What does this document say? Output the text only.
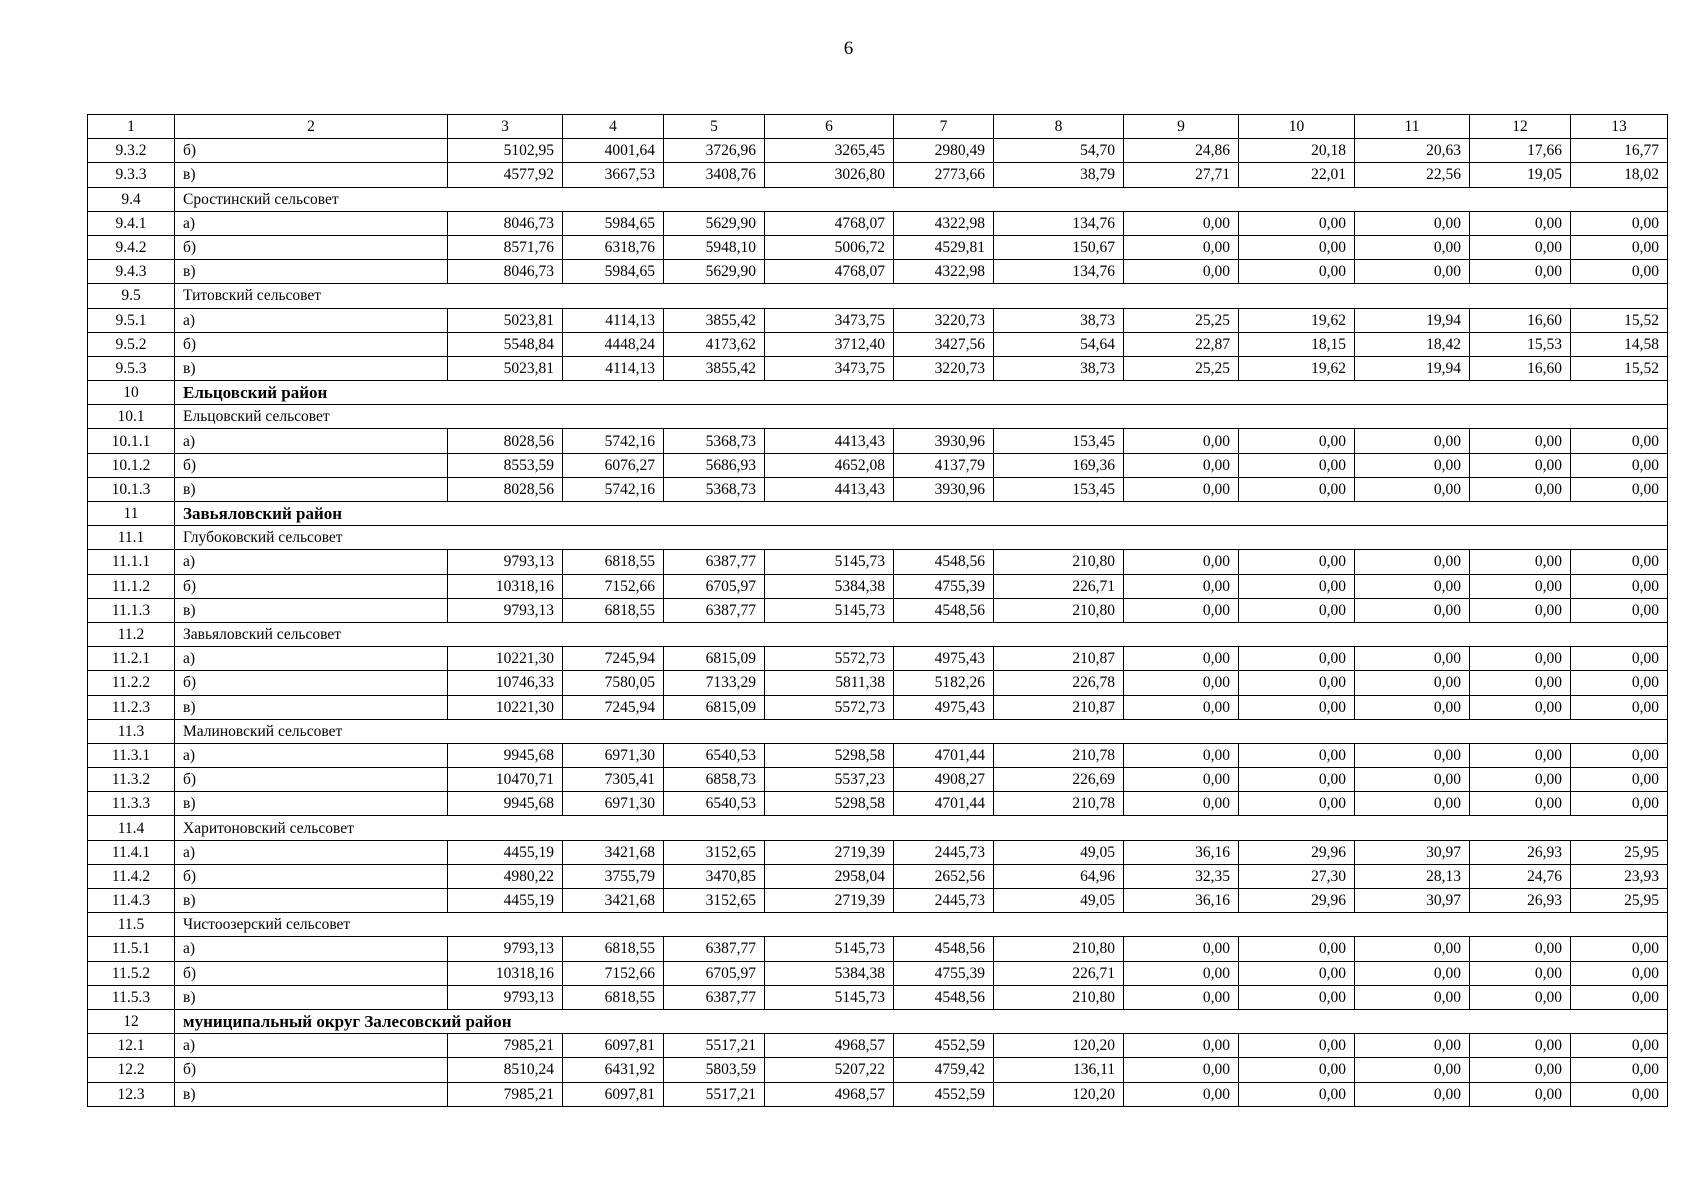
6
1	2	3	4	5	6	7	8	9	10	11	12	13
9.3.2	б)	5102,95	4001,64	3726,96	3265,45	2980,49	54,70	24,86	20,18	20,63	17,66	16,77
9.3.3	в)	4577,92	3667,53	3408,76	3026,80	2773,66	38,79	27,71	22,01	22,56	19,05	18,02
9.4	Сростинский сельсовет											
9.4.1	а)	8046,73	5984,65	5629,90	4768,07	4322,98	134,76	0,00	0,00	0,00	0,00	0,00
9.4.2	б)	8571,76	6318,76	5948,10	5006,72	4529,81	150,67	0,00	0,00	0,00	0,00	0,00
9.4.3	в)	8046,73	5984,65	5629,90	4768,07	4322,98	134,76	0,00	0,00	0,00	0,00	0,00
9.5	Титовский сельсовет											
9.5.1	а)	5023,81	4114,13	3855,42	3473,75	3220,73	38,73	25,25	19,62	19,94	16,60	15,52
9.5.2	б)	5548,84	4448,24	4173,62	3712,40	3427,56	54,64	22,87	18,15	18,42	15,53	14,58
9.5.3	в)	5023,81	4114,13	3855,42	3473,75	3220,73	38,73	25,25	19,62	19,94	16,60	15,52
10	Ельцовский район											
10.1	Ельцовский сельсовет											
10.1.1	а)	8028,56	5742,16	5368,73	4413,43	3930,96	153,45	0,00	0,00	0,00	0,00	0,00
10.1.2	б)	8553,59	6076,27	5686,93	4652,08	4137,79	169,36	0,00	0,00	0,00	0,00	0,00
10.1.3	в)	8028,56	5742,16	5368,73	4413,43	3930,96	153,45	0,00	0,00	0,00	0,00	0,00
11	Завьяловский район											
11.1	Глубоковский сельсовет											
11.1.1	а)	9793,13	6818,55	6387,77	5145,73	4548,56	210,80	0,00	0,00	0,00	0,00	0,00
11.1.2	б)	10318,16	7152,66	6705,97	5384,38	4755,39	226,71	0,00	0,00	0,00	0,00	0,00
11.1.3	в)	9793,13	6818,55	6387,77	5145,73	4548,56	210,80	0,00	0,00	0,00	0,00	0,00
11.2	Завьяловский сельсовет											
11.2.1	а)	10221,30	7245,94	6815,09	5572,73	4975,43	210,87	0,00	0,00	0,00	0,00	0,00
11.2.2	б)	10746,33	7580,05	7133,29	5811,38	5182,26	226,78	0,00	0,00	0,00	0,00	0,00
11.2.3	в)	10221,30	7245,94	6815,09	5572,73	4975,43	210,87	0,00	0,00	0,00	0,00	0,00
11.3	Малиновский сельсовет											
11.3.1	а)	9945,68	6971,30	6540,53	5298,58	4701,44	210,78	0,00	0,00	0,00	0,00	0,00
11.3.2	б)	10470,71	7305,41	6858,73	5537,23	4908,27	226,69	0,00	0,00	0,00	0,00	0,00
11.3.3	в)	9945,68	6971,30	6540,53	5298,58	4701,44	210,78	0,00	0,00	0,00	0,00	0,00
11.4	Харитоновский сельсовет											
11.4.1	а)	4455,19	3421,68	3152,65	2719,39	2445,73	49,05	36,16	29,96	30,97	26,93	25,95
11.4.2	б)	4980,22	3755,79	3470,85	2958,04	2652,56	64,96	32,35	27,30	28,13	24,76	23,93
11.4.3	в)	4455,19	3421,68	3152,65	2719,39	2445,73	49,05	36,16	29,96	30,97	26,93	25,95
11.5	Чистоозерский сельсовет											
11.5.1	а)	9793,13	6818,55	6387,77	5145,73	4548,56	210,80	0,00	0,00	0,00	0,00	0,00
11.5.2	б)	10318,16	7152,66	6705,97	5384,38	4755,39	226,71	0,00	0,00	0,00	0,00	0,00
11.5.3	в)	9793,13	6818,55	6387,77	5145,73	4548,56	210,80	0,00	0,00	0,00	0,00	0,00
12	муниципальный округ Залесовский район											
12.1	а)	7985,21	6097,81	5517,21	4968,57	4552,59	120,20	0,00	0,00	0,00	0,00	0,00
12.2	б)	8510,24	6431,92	5803,59	5207,22	4759,42	136,11	0,00	0,00	0,00	0,00	0,00
12.3	в)	7985,21	6097,81	5517,21	4968,57	4552,59	120,20	0,00	0,00	0,00	0,00	0,00
